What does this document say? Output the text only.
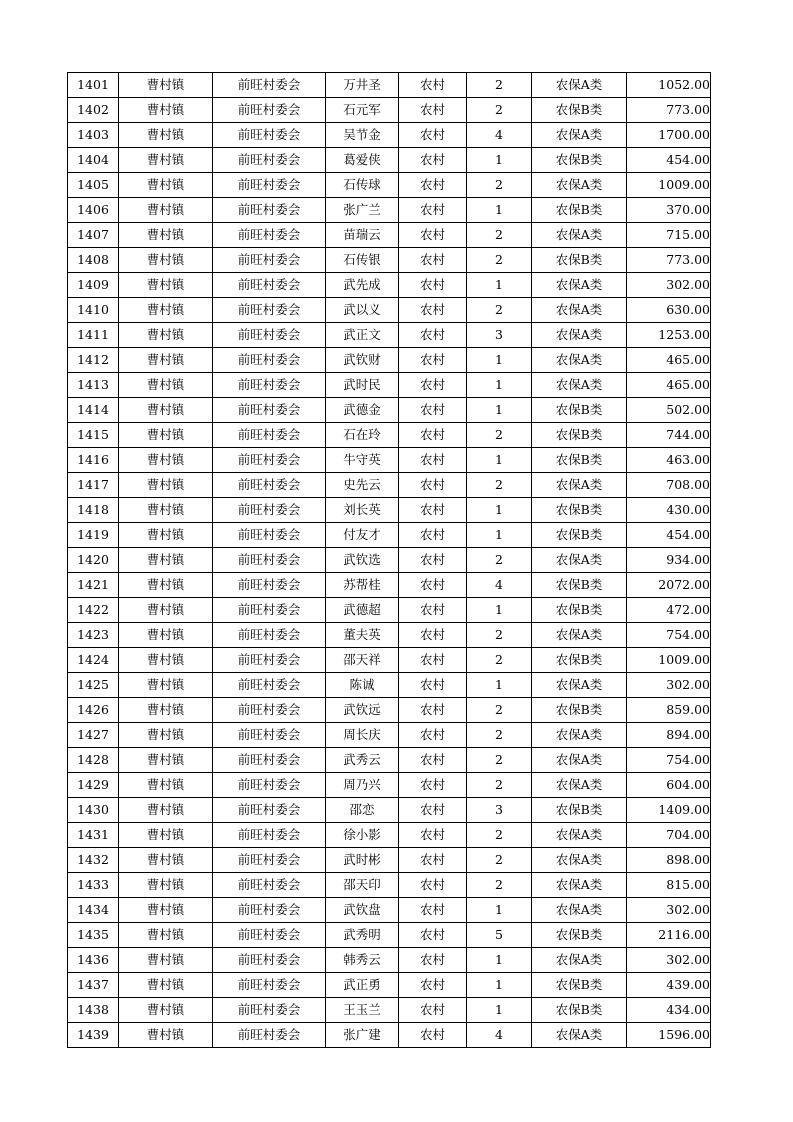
1401	曹村镇	前旺村委会	万井圣	农村	2	农保A类	1052.00
1402	曹村镇	前旺村委会	石元军	农村	2	农保B类	773.00
1403	曹村镇	前旺村委会	吴节金	农村	4	农保A类	1700.00
1404	曹村镇	前旺村委会	葛爱侠	农村	1	农保B类	454.00
1405	曹村镇	前旺村委会	石传球	农村	2	农保A类	1009.00
1406	曹村镇	前旺村委会	张广兰	农村	1	农保B类	370.00
1407	曹村镇	前旺村委会	苗瑞云	农村	2	农保A类	715.00
1408	曹村镇	前旺村委会	石传银	农村	2	农保B类	773.00
1409	曹村镇	前旺村委会	武先成	农村	1	农保A类	302.00
1410	曹村镇	前旺村委会	武以义	农村	2	农保A类	630.00
1411	曹村镇	前旺村委会	武正文	农村	3	农保A类	1253.00
1412	曹村镇	前旺村委会	武钦财	农村	1	农保A类	465.00
1413	曹村镇	前旺村委会	武时民	农村	1	农保A类	465.00
1414	曹村镇	前旺村委会	武德金	农村	1	农保B类	502.00
1415	曹村镇	前旺村委会	石在玲	农村	2	农保B类	744.00
1416	曹村镇	前旺村委会	牛守英	农村	1	农保B类	463.00
1417	曹村镇	前旺村委会	史先云	农村	2	农保A类	708.00
1418	曹村镇	前旺村委会	刘长英	农村	1	农保B类	430.00
1419	曹村镇	前旺村委会	付友才	农村	1	农保B类	454.00
1420	曹村镇	前旺村委会	武钦选	农村	2	农保A类	934.00
1421	曹村镇	前旺村委会	苏帮桂	农村	4	农保B类	2072.00
1422	曹村镇	前旺村委会	武德超	农村	1	农保B类	472.00
1423	曹村镇	前旺村委会	董夫英	农村	2	农保A类	754.00
1424	曹村镇	前旺村委会	邵天祥	农村	2	农保B类	1009.00
1425	曹村镇	前旺村委会	陈诚	农村	1	农保A类	302.00
1426	曹村镇	前旺村委会	武钦远	农村	2	农保B类	859.00
1427	曹村镇	前旺村委会	周长庆	农村	2	农保A类	894.00
1428	曹村镇	前旺村委会	武秀云	农村	2	农保A类	754.00
1429	曹村镇	前旺村委会	周乃兴	农村	2	农保A类	604.00
1430	曹村镇	前旺村委会	邵恋	农村	3	农保B类	1409.00
1431	曹村镇	前旺村委会	徐小影	农村	2	农保A类	704.00
1432	曹村镇	前旺村委会	武时彬	农村	2	农保A类	898.00
1433	曹村镇	前旺村委会	邵天印	农村	2	农保A类	815.00
1434	曹村镇	前旺村委会	武钦盘	农村	1	农保A类	302.00
1435	曹村镇	前旺村委会	武秀明	农村	5	农保B类	2116.00
1436	曹村镇	前旺村委会	韩秀云	农村	1	农保A类	302.00
1437	曹村镇	前旺村委会	武正勇	农村	1	农保B类	439.00
1438	曹村镇	前旺村委会	王玉兰	农村	1	农保B类	434.00
1439	曹村镇	前旺村委会	张广建	农村	4	农保A类	1596.00
